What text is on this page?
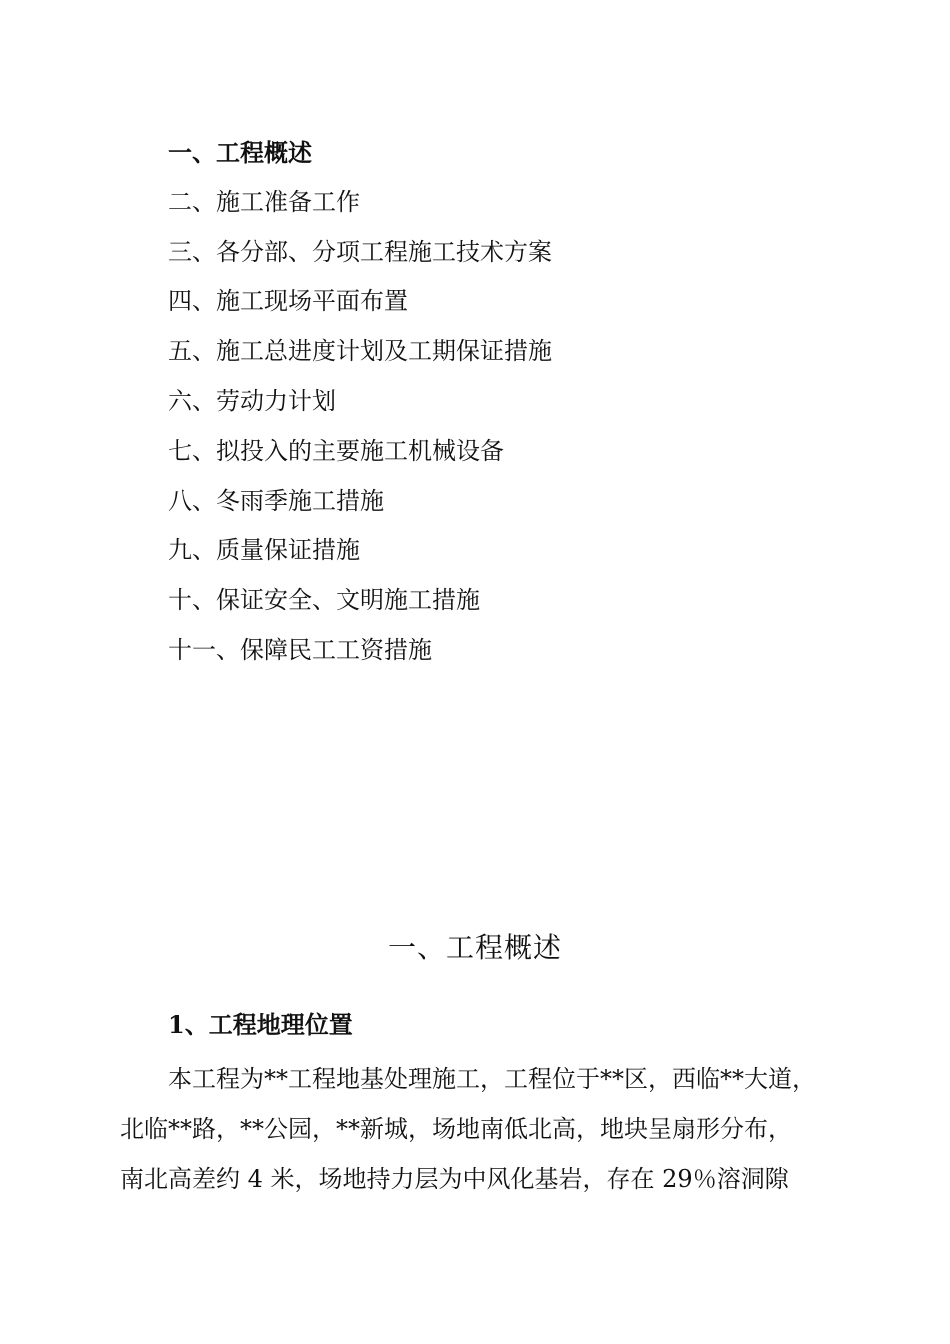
一、工程概述
二、施工准备工作
三、各分部、分项工程施工技术方案
四、施工现场平面布置
五、施工总进度计划及工期保证措施
六、劳动力计划
七、拟投入的主要施工机械设备
八、冬雨季施工措施
九、质量保证措施
十、保证安全、文明施工措施
十一、保障民工工资措施
一、工程概述
1、工程地理位置

　　本工程为**工程地基处理施工，工程位于**区，西临**大道，
北临**路，**公园，**新城，场地南低北高，地块呈扇形分布，
南北高差约 4 米，场地持力层为中风化基岩，存在 29％溶洞隙
